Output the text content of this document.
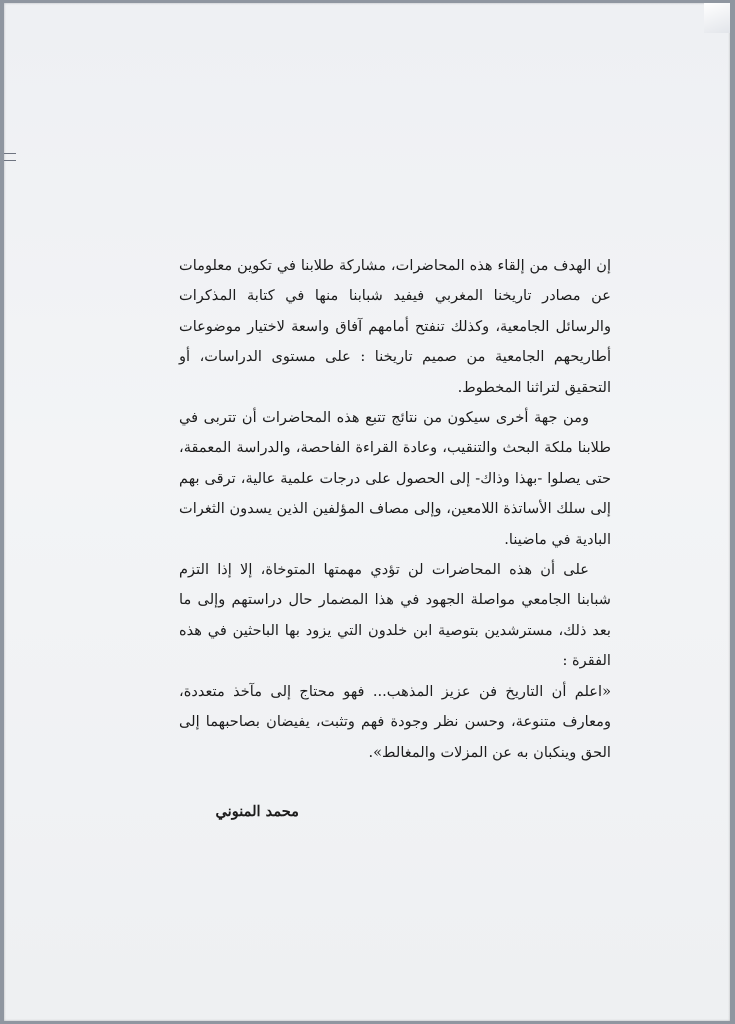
إن الهدف من إلقاء هذه المحاضرات، مشاركة طلابنا في تكوين معلومات عن مصادر تاريخنا المغربي فيفيد شبابنا منها في كتابة المذكرات والرسائل الجامعية، وكذلك تنفتح أمامهم آفاق واسعة لاختيار موضوعات أطاريحهم الجامعية من صميم تاريخنا : على مستوى الدراسات، أو التحقيق لتراثنا المخطوط.

ومن جهة أخرى سيكون من نتائج تتبع هذه المحاضرات أن تتربى في طلابنا ملكة البحث والتنقيب، وعادة القراءة الفاحصة، والدراسة المعمقة، حتى يصلوا -بهذا وذاك- إلى الحصول على درجات علمية عالية، ترقى بهم إلى سلك الأساتذة اللامعين، وإلى مصاف المؤلفين الذين يسدون الثغرات البادية في ماضينا.

على أن هذه المحاضرات لن تؤدي مهمتها المتوخاة، إلا إذا التزم شبابنا الجامعي مواصلة الجهود في هذا المضمار حال دراستهم وإلى ما بعد ذلك، مسترشدين بتوصية ابن خلدون التي يزود بها الباحثين في هذه الفقرة :

«اعلم أن التاريخ فن عزيز المذهب... فهو محتاج إلى مآخذ متعددة، ومعارف متنوعة، وحسن نظر وجودة فهم وتثبت، يفيضان بصاحبهما إلى الحق وينكبان به عن المزلات والمغالط».

محمد المنوني
